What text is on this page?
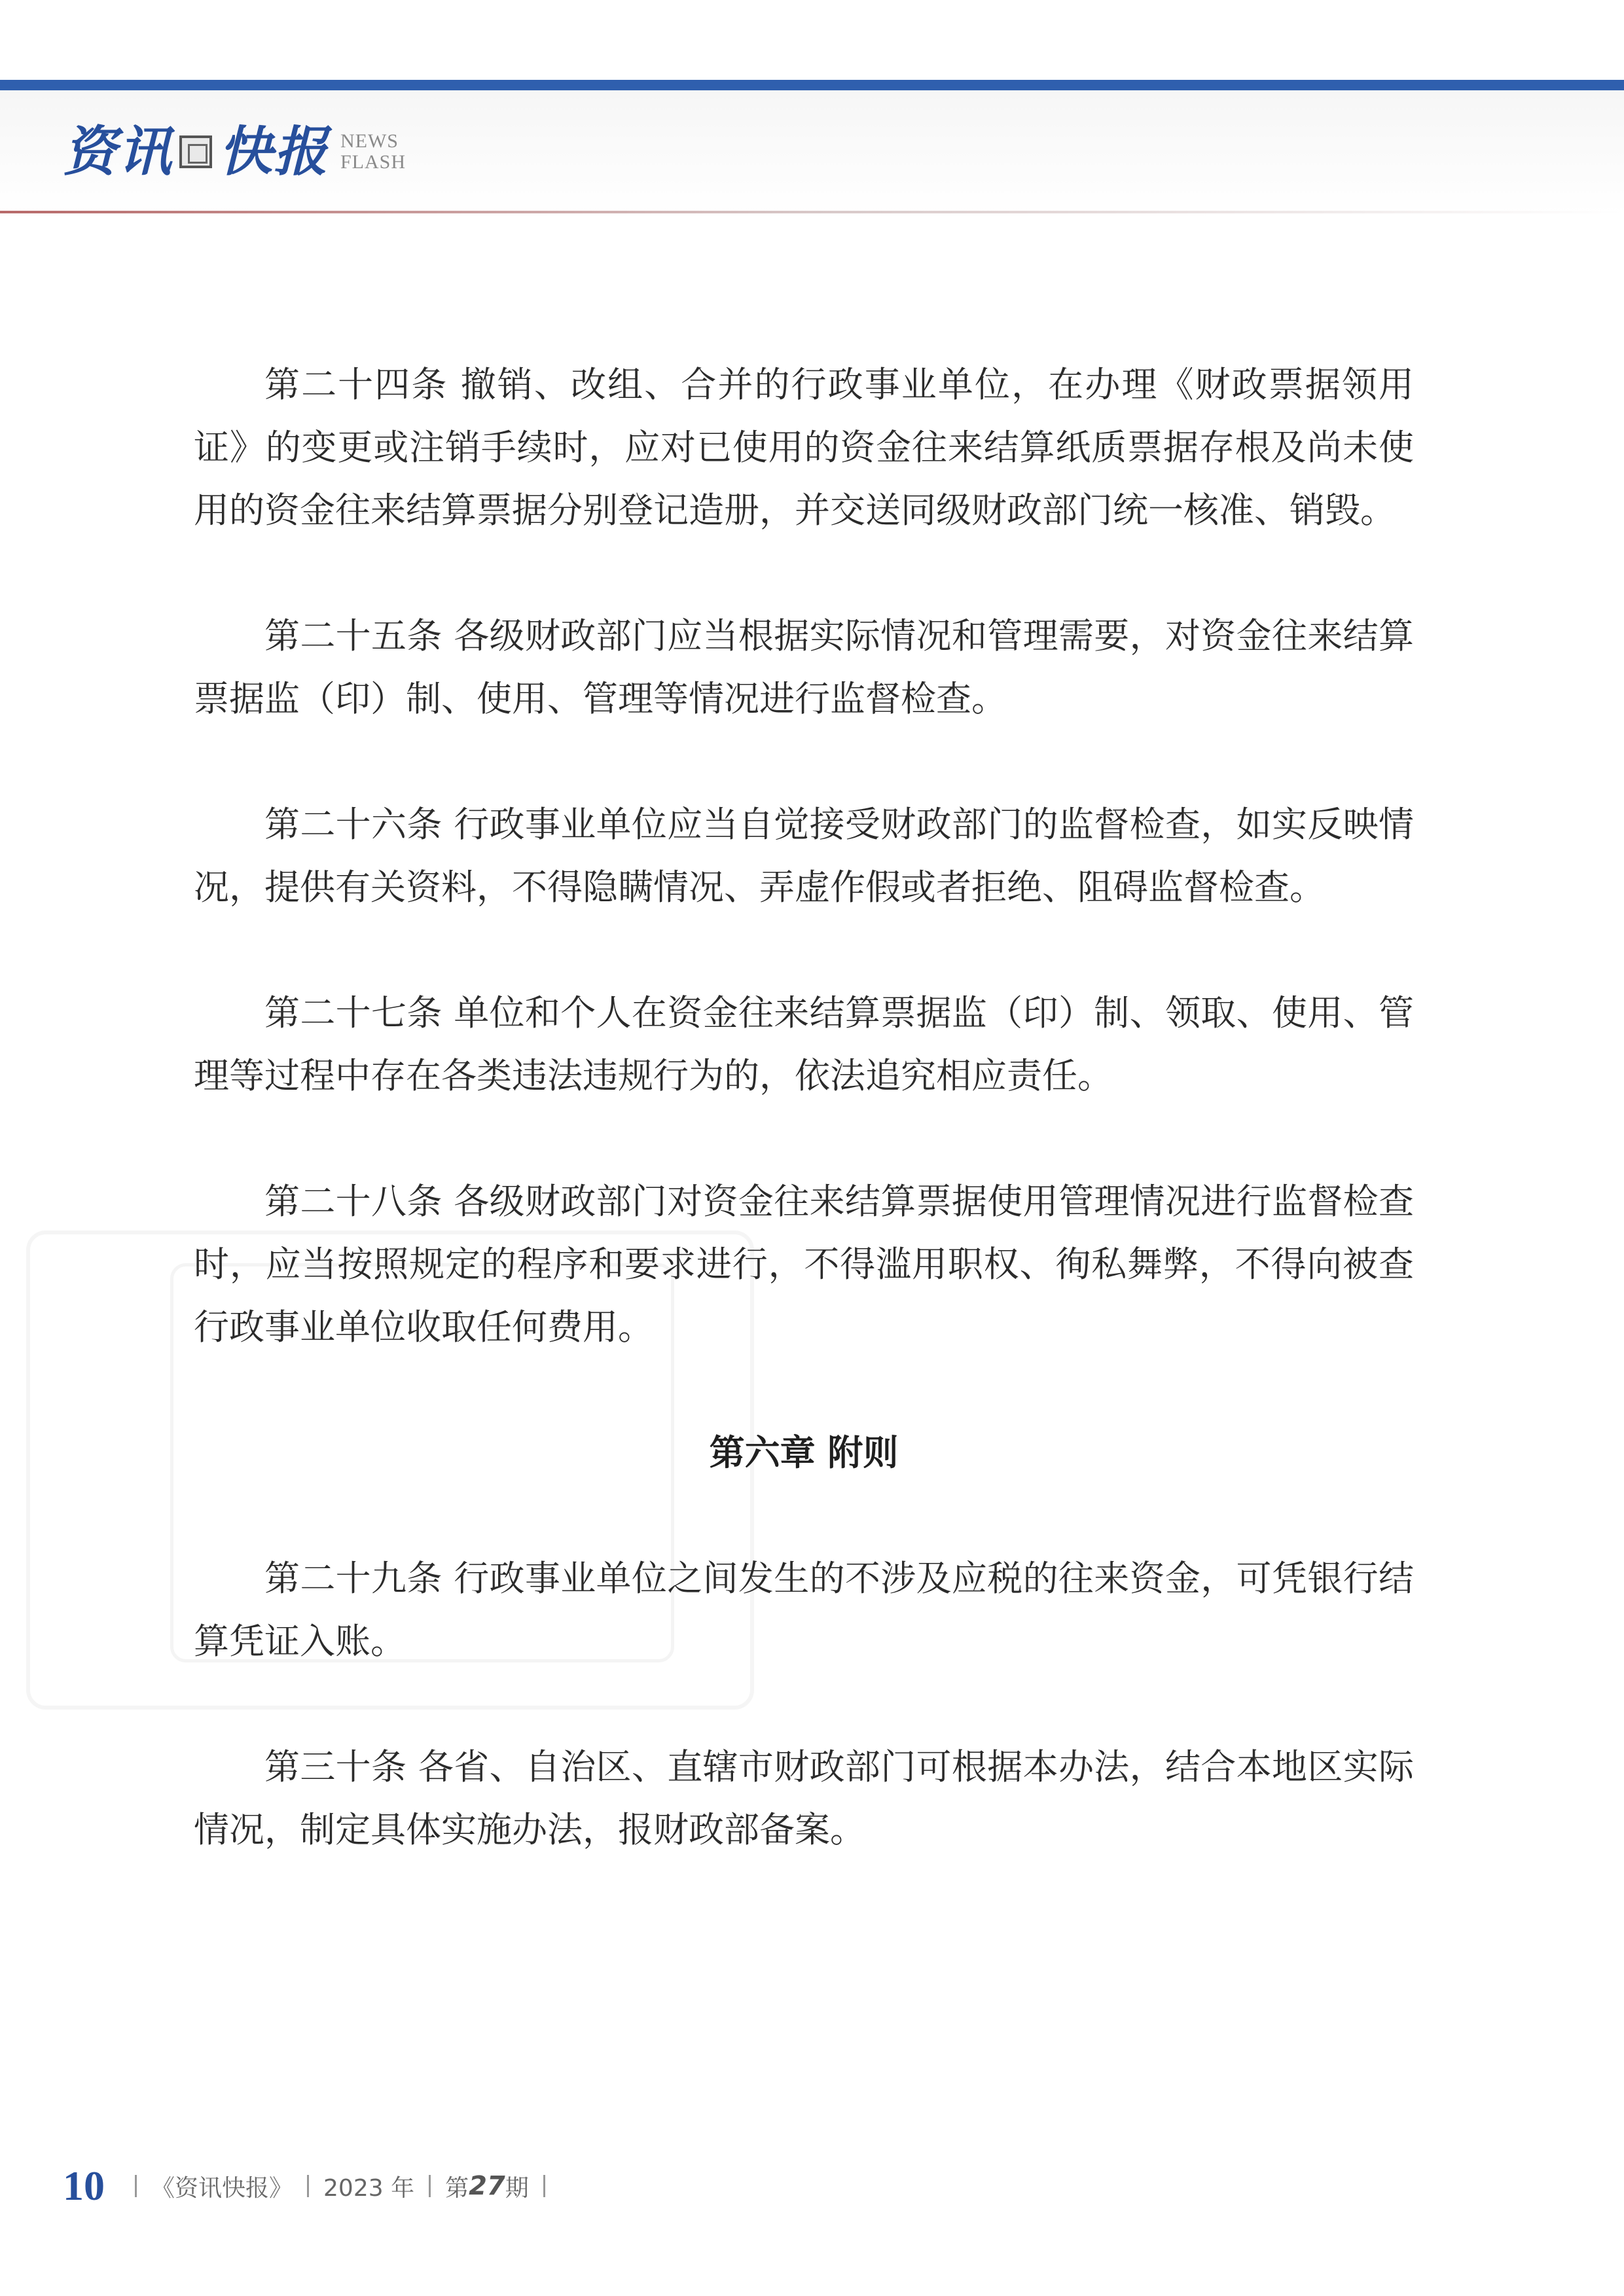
资讯 快报 NEWS
FLASH

第二十四条 撤销、改组、合并的行政事业单位，在办理《财政票据领用证》的变更或注销手续时，应对已使用的资金往来结算纸质票据存根及尚未使用的资金往来结算票据分别登记造册，并交送同级财政部门统一核准、销毁。

第二十五条 各级财政部门应当根据实际情况和管理需要，对资金往来结算票据监（印）制、使用、管理等情况进行监督检查。

第二十六条 行政事业单位应当自觉接受财政部门的监督检查，如实反映情况，提供有关资料，不得隐瞒情况、弄虚作假或者拒绝、阻碍监督检查。

第二十七条 单位和个人在资金往来结算票据监（印）制、领取、使用、管理等过程中存在各类违法违规行为的，依法追究相应责任。

第二十八条 各级财政部门对资金往来结算票据使用管理情况进行监督检查时，应当按照规定的程序和要求进行，不得滥用职权、徇私舞弊，不得向被查行政事业单位收取任何费用。

第六章 附则

第二十九条 行政事业单位之间发生的不涉及应税的往来资金，可凭银行结算凭证入账。

第三十条 各省、自治区、直辖市财政部门可根据本办法，结合本地区实际情况，制定具体实施办法，报财政部备案。

10 《资讯快报》 2023 年 第 27 期
